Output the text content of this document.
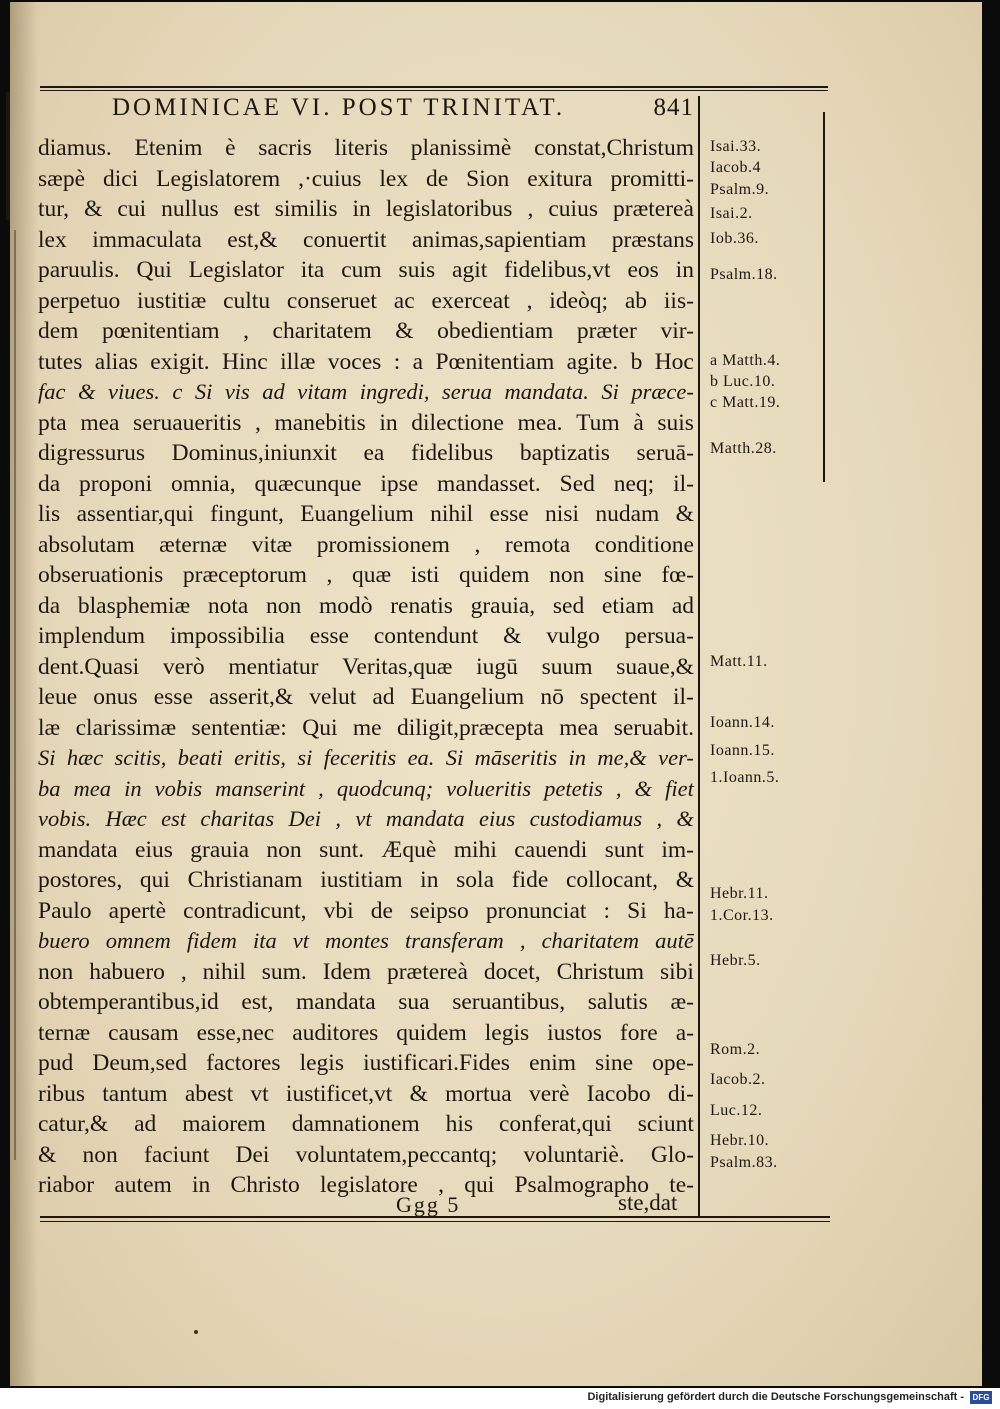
DOMINICAE VI. POST TRINITAT.	841
diamus. Etenim è sacris literis planissimè constat,Christum
sæpè dici Legislatorem ,·cuius lex de Sion exitura promitti-
tur, & cui nullus est similis in legislatoribus , cuius prætereà
lex immaculata est,& conuertit animas,sapientiam præstans
paruulis. Qui Legislator ita cum suis agit fidelibus,vt eos in
perpetuo iustitiæ cultu conseruet ac exerceat , ideòq; ab iis-
dem pœnitentiam , charitatem & obedientiam præter vir-
tutes alias exigit. Hinc illæ voces : a Pœnitentiam agite. b Hoc
fac & viues. c Si vis ad vitam ingredi, serua mandata. Si præce-
pta mea seruaueritis , manebitis in dilectione mea. Tum à suis
digressurus Dominus,iniunxit ea fidelibus baptizatis seruā-
da proponi omnia, quæcunque ipse mandasset. Sed neq; il-
lis assentiar,qui fingunt, Euangelium nihil esse nisi nudam &
absolutam æternæ vitæ promissionem , remota conditione
obseruationis præceptorum , quæ isti quidem non sine fœ-
da blasphemiæ nota non modò renatis grauia, sed etiam ad
implendum impossibilia esse contendunt & vulgo persua-
dent.Quasi verò mentiatur Veritas,quæ iugū suum suaue,&
leue onus esse asserit,& velut ad Euangelium nō spectent il-
læ clarissimæ sententiæ: Qui me diligit,præcepta mea seruabit.
Si hæc scitis, beati eritis, si feceritis ea. Si māseritis in me,& ver-
ba mea in vobis manserint , quodcunq; volueritis petetis , & fiet
vobis. Hæc est charitas Dei , vt mandata eius custodiamus , &
mandata eius grauia non sunt. Æquè mihi cauendi sunt im-
postores, qui Christianam iustitiam in sola fide collocant, &
Paulo apertè contradicunt, vbi de seipso pronunciat : Si ha-
buero omnem fidem ita vt montes transferam , charitatem autē
non habuero , nihil sum. Idem prætereà docet, Christum sibi
obtemperantibus,id est, mandata sua seruantibus, salutis æ-
ternæ causam esse,nec auditores quidem legis iustos fore a-
pud Deum,sed factores legis iustificari.Fides enim sine ope-
ribus tantum abest vt iustificet,vt & mortua verè Iacobo di-
catur,& ad maiorem damnationem his conferat,qui sciunt
& non faciunt Dei voluntatem,peccantq; voluntariè. Glo-
riabor autem in Christo legislatore , qui Psalmographo te-
Isai.33.
Iacob.4
Psalm.9.
Isai.2.
Iob.36.
Psalm.18.
a Matth.4.
b Luc.10.
c Matt.19.
Matth.28.
Matt.11.
Ioann.14.
Ioann.15.
1.Ioann.5.
Hebr.11.
1.Cor.13.
Hebr.5.
Rom.2.
Iacob.2.
Luc.12.
Hebr.10.
Psalm.83.
Ggg 5	ste,dat
Digitalisierung gefördert durch die Deutsche Forschungsgemeinschaft -	DFG
